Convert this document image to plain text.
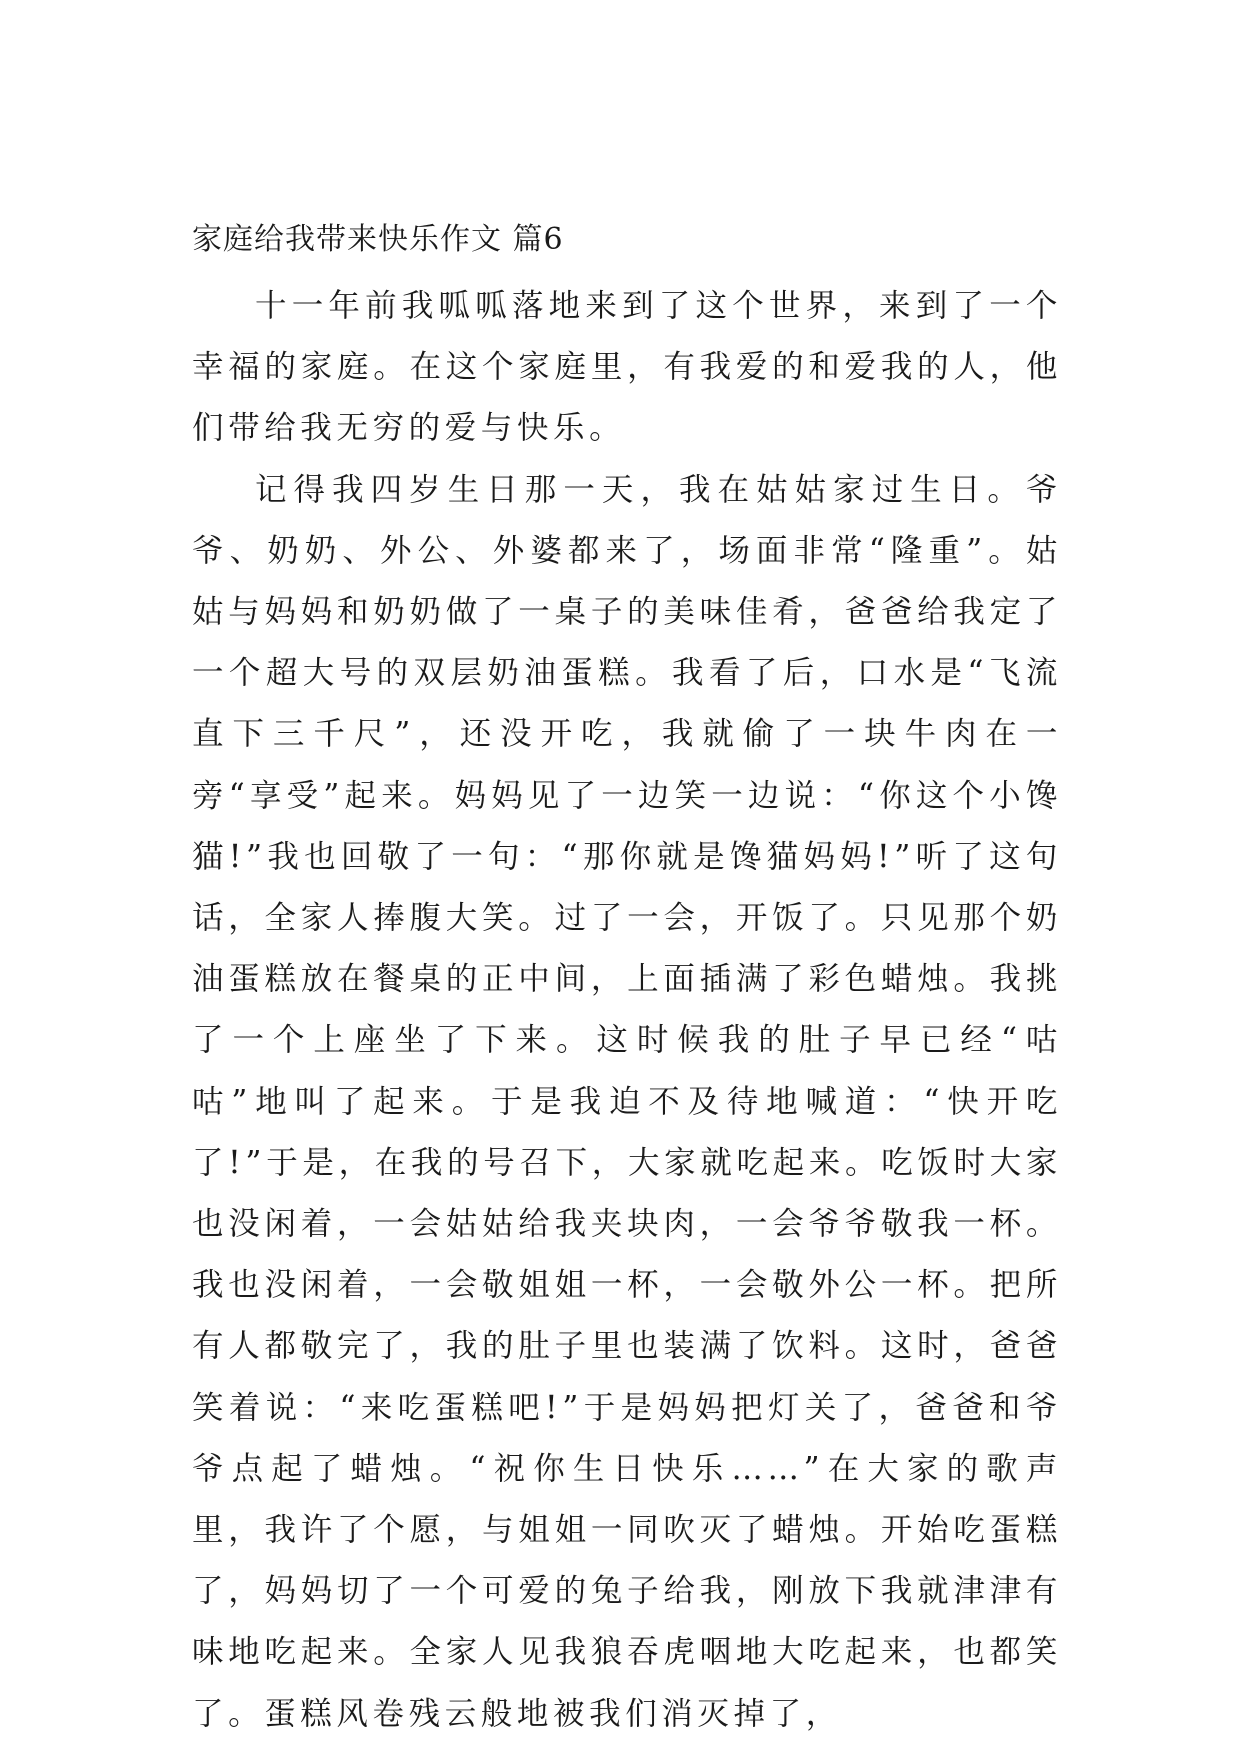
家庭给我带来快乐作文 篇6

十一年前我呱呱落地来到了这个世界，来到了一个幸福的家庭。在这个家庭里，有我爱的和爱我的人，他们带给我无穷的爱与快乐。

记得我四岁生日那一天，我在姑姑家过生日。爷爷、奶奶、外公、外婆都来了，场面非常“隆重”。姑姑与妈妈和奶奶做了一桌子的美味佳肴，爸爸给我定了一个超大号的双层奶油蛋糕。我看了后，口水是“飞流直下三千尺”，还没开吃，我就偷了一块牛肉在一旁“享受”起来。妈妈见了一边笑一边说：“你这个小馋猫!”我也回敬了一句：“那你就是馋猫妈妈!”听了这句话，全家人捧腹大笑。过了一会，开饭了。只见那个奶油蛋糕放在餐桌的正中间，上面插满了彩色蜡烛。我挑了一个上座坐了下来。这时候我的肚子早已经“咕咕”地叫了起来。于是我迫不及待地喊道：“快开吃了!”于是，在我的号召下，大家就吃起来。吃饭时大家也没闲着，一会姑姑给我夹块肉，一会爷爷敬我一杯。我也没闲着，一会敬姐姐一杯，一会敬外公一杯。把所有人都敬完了，我的肚子里也装满了饮料。这时，爸爸笑着说：“来吃蛋糕吧!”于是妈妈把灯关了，爸爸和爷爷点起了蜡烛。“祝你生日快乐……”在大家的歌声里，我许了个愿，与姐姐一同吹灭了蜡烛。开始吃蛋糕了，妈妈切了一个可爱的兔子给我，刚放下我就津津有味地吃起来。全家人见我狼吞虎咽地大吃起来，也都笑了。蛋糕风卷残云般地被我们消灭掉了，
